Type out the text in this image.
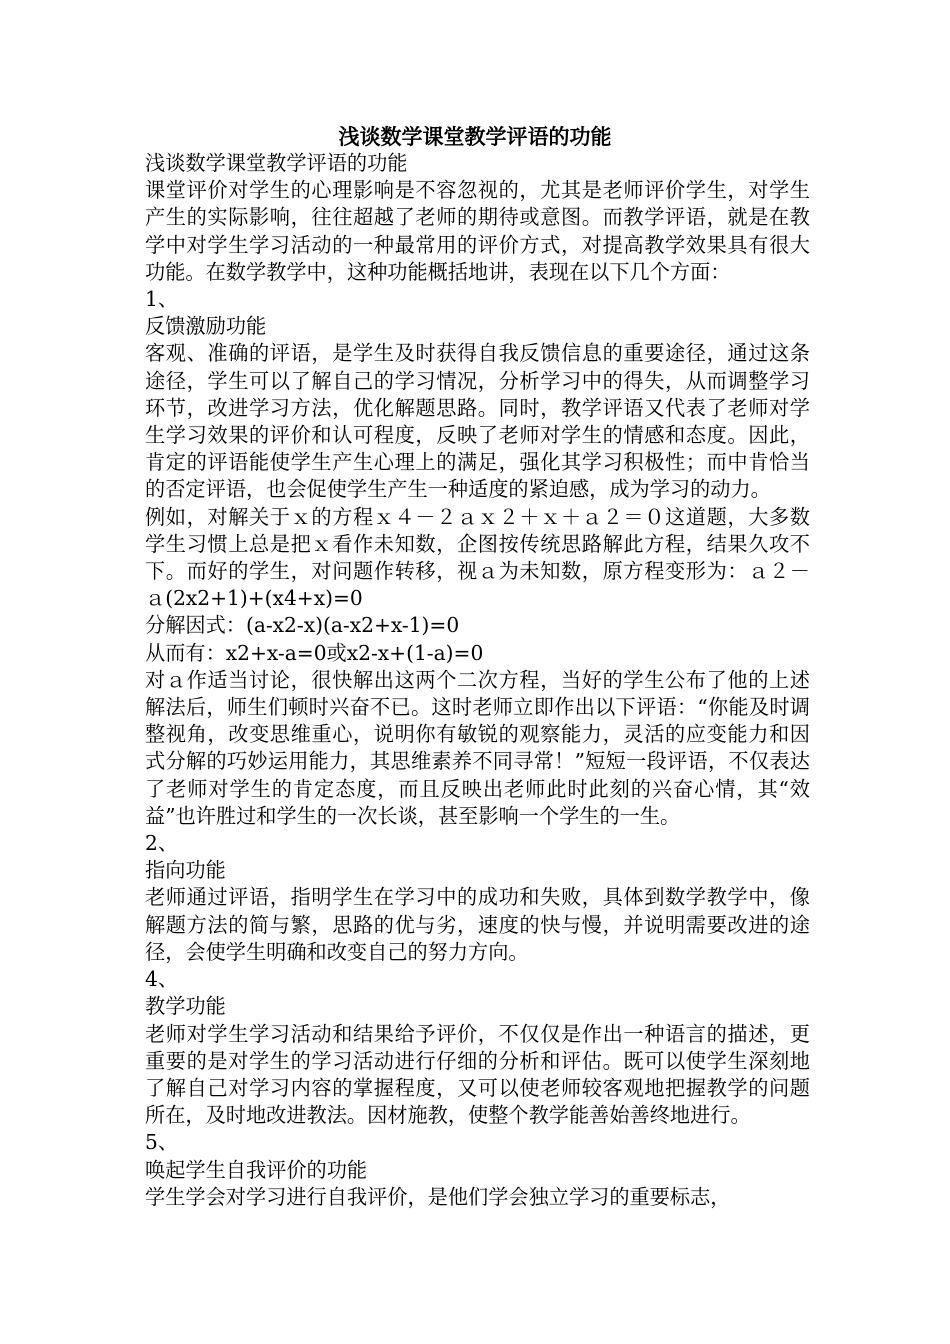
浅谈数学课堂教学评语的功能

浅谈数学课堂教学评语的功能

课堂评价对学生的心理影响是不容忽视的，尤其是老师评价学生，对学生产生的实际影响，往往超越了老师的期待或意图。而教学评语，就是在教学中对学生学习活动的一种最常用的评价方式，对提高教学效果具有很大功能。在数学教学中，这种功能概括地讲，表现在以下几个方面：

1、

反馈激励功能

客观、准确的评语，是学生及时获得自我反馈信息的重要途径，通过这条途径，学生可以了解自己的学习情况，分析学习中的得失，从而调整学习环节，改进学习方法，优化解题思路。同时，教学评语又代表了老师对学生学习效果的评价和认可程度，反映了老师对学生的情感和态度。因此，肯定的评语能使学生产生心理上的满足，强化其学习积极性；而中肯恰当的否定评语，也会促使学生产生一种适度的紧迫感，成为学习的动力。

例如，对解关于ｘ的方程ｘ４－２ａｘ２＋ｘ＋ａ２＝０这道题，大多数学生习惯上总是把ｘ看作未知数，企图按传统思路解此方程，结果久攻不下。而好的学生，对问题作转移，视ａ为未知数，原方程变形为：ａ２－ａ(2x2+1)+(x4+x)=0

分解因式：(a-x2-x)(a-x2+x-1)=0

从而有：x2+x-a=0或x2-x+(1-a)=0

对ａ作适当讨论，很快解出这两个二次方程，当好的学生公布了他的上述解法后，师生们顿时兴奋不已。这时老师立即作出以下评语：“你能及时调整视角，改变思维重心，说明你有敏锐的观察能力，灵活的应变能力和因式分解的巧妙运用能力，其思维素养不同寻常！”短短一段评语，不仅表达了老师对学生的肯定态度，而且反映出老师此时此刻的兴奋心情，其“效益”也许胜过和学生的一次长谈，甚至影响一个学生的一生。

2、

指向功能

老师通过评语，指明学生在学习中的成功和失败，具体到数学教学中，像解题方法的简与繁，思路的优与劣，速度的快与慢，并说明需要改进的途径，会使学生明确和改变自己的努力方向。

4、

教学功能

老师对学生学习活动和结果给予评价，不仅仅是作出一种语言的描述，更重要的是对学生的学习活动进行仔细的分析和评估。既可以使学生深刻地了解自己对学习内容的掌握程度，又可以使老师较客观地把握教学的问题所在，及时地改进教法。因材施教，使整个教学能善始善终地进行。

5、

唤起学生自我评价的功能

学生学会对学习进行自我评价，是他们学会独立学习的重要标志，
